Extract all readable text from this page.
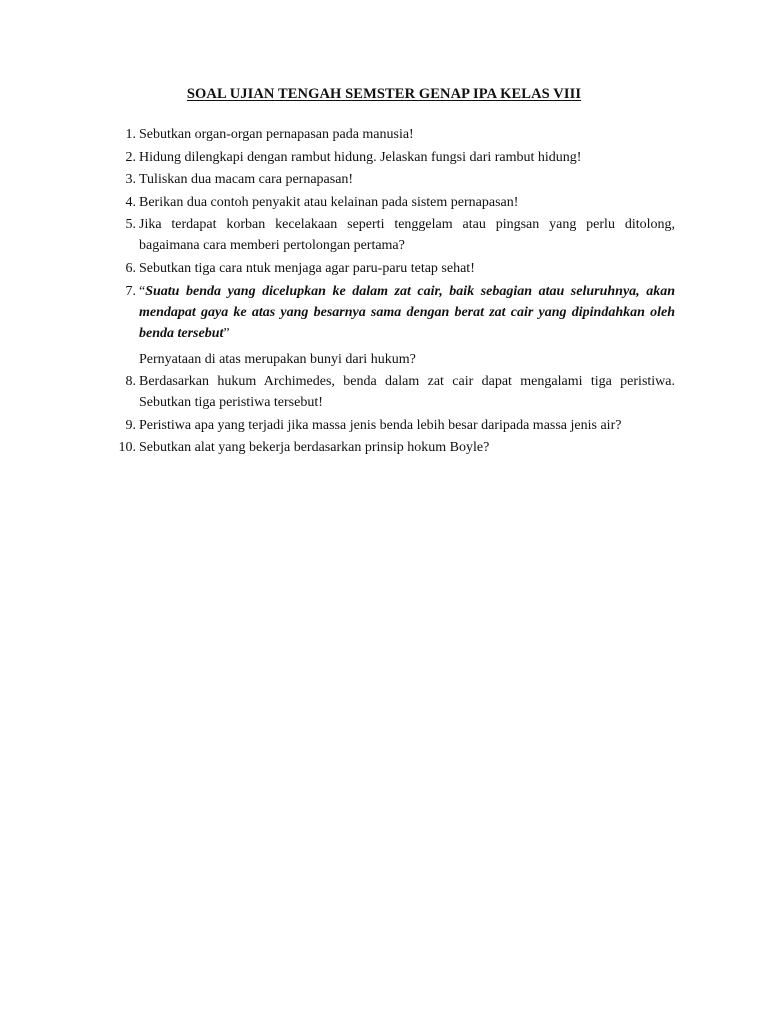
SOAL UJIAN TENGAH SEMSTER GENAP IPA KELAS VIII
1. Sebutkan organ-organ pernapasan pada manusia!
2. Hidung dilengkapi dengan rambut hidung. Jelaskan fungsi dari rambut hidung!
3. Tuliskan dua macam cara pernapasan!
4. Berikan dua contoh penyakit atau kelainan pada sistem pernapasan!
5. Jika terdapat korban kecelakaan seperti tenggelam atau pingsan yang perlu ditolong, bagaimana cara memberi pertolongan pertama?
6. Sebutkan tiga cara ntuk menjaga agar paru-paru tetap sehat!
7. “Suatu benda yang dicelupkan ke dalam zat cair, baik sebagian atau seluruhnya, akan mendapat gaya ke atas yang besarnya sama dengan berat zat cair yang dipindahkan oleh benda tersebut”
Pernyataan di atas merupakan bunyi dari hukum?
8. Berdasarkan hukum Archimedes, benda dalam zat cair dapat mengalami tiga peristiwa. Sebutkan tiga peristiwa tersebut!
9. Peristiwa apa yang terjadi jika massa jenis benda lebih besar daripada massa jenis air?
10. Sebutkan alat yang bekerja berdasarkan prinsip hokum Boyle?
